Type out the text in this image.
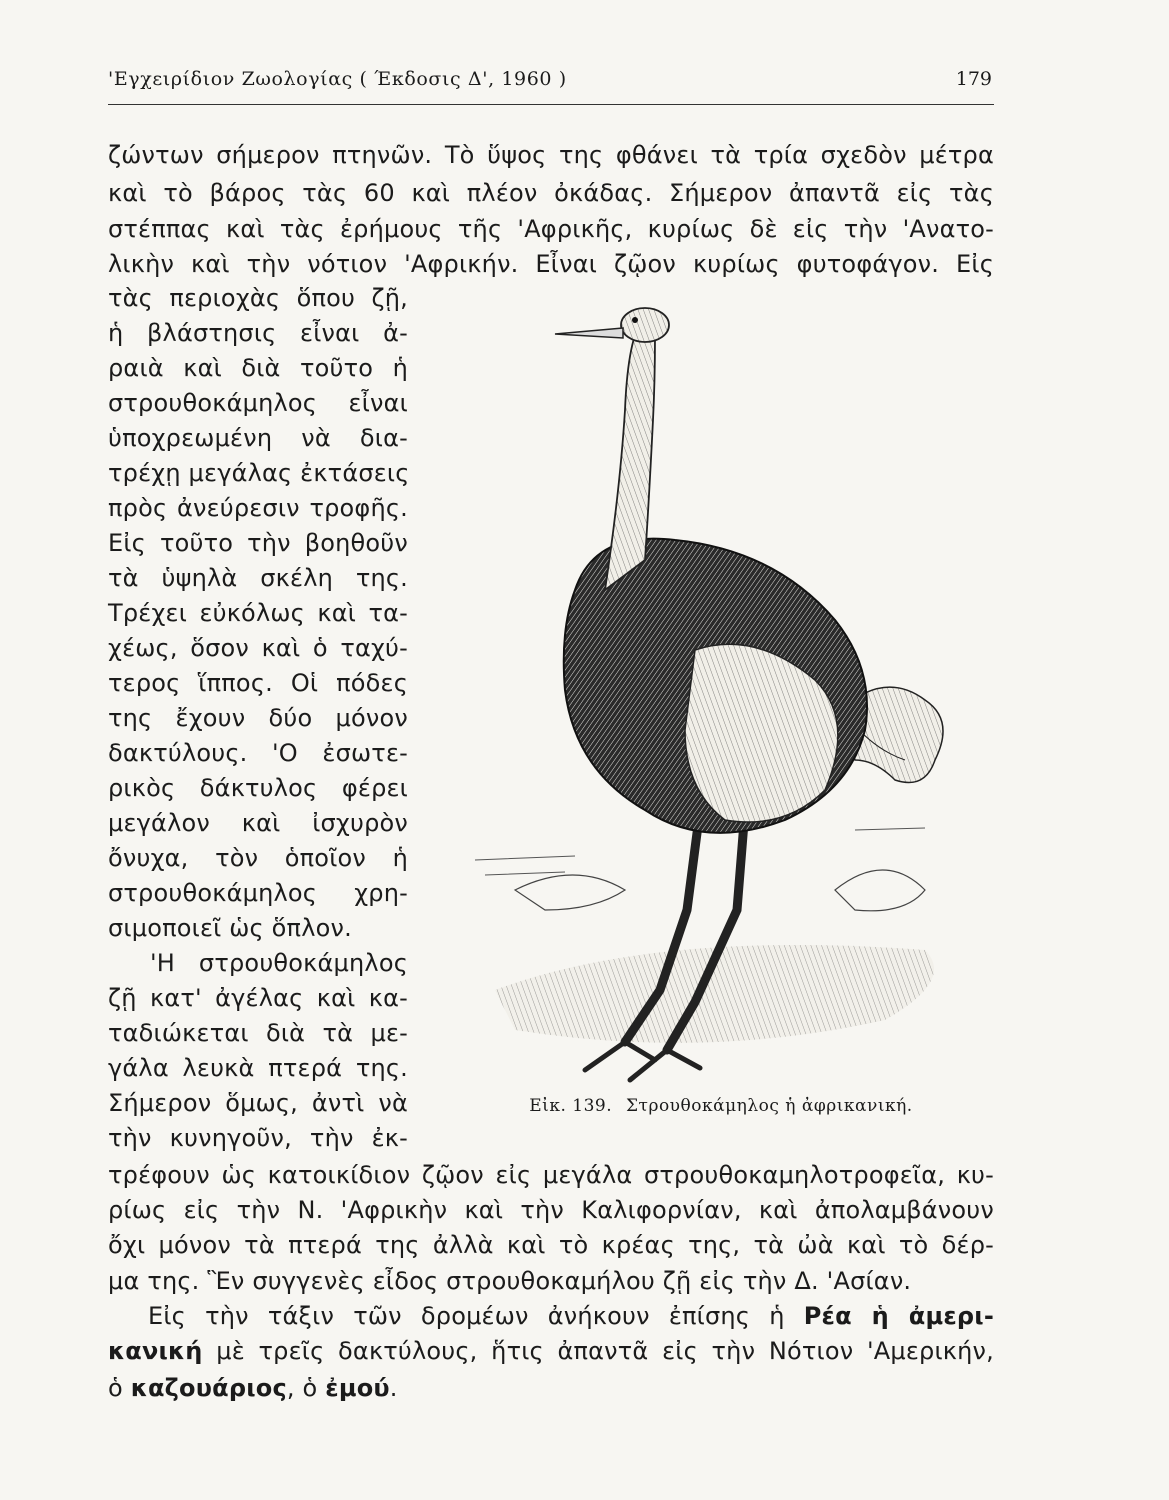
'Εγχειρίδιον Ζωολογίας ( Έκδοσις Δ', 1960 )	179
ζώντων σήμερον πτηνῶν. Τὸ ὕψος της φθάνει τὰ τρία σχεδὸν μέτρα
καὶ τὸ βάρος τὰς 60 καὶ πλέον ὀκάδας. Σήμερον ἀπαντᾶ εἰς τὰς
στέππας καὶ τὰς ἐρήμους τῆς 'Αφρικῆς, κυρίως δὲ εἰς τὴν 'Ανατο-
λικὴν καὶ τὴν νότιον 'Αφρικήν. Εἶναι ζῷον κυρίως φυτοφάγον. Εἰς
τὰς περιοχὰς ὅπου ζῇ,
ἡ βλάστησις εἶναι ἀ-
ραιὰ καὶ διὰ τοῦτο ἡ
στρουθοκάμηλος εἶναι
ὑποχρεωμένη νὰ δια-
τρέχῃ μεγάλας ἐκτάσεις
πρὸς ἀνεύρεσιν τροφῆς.
Εἰς τοῦτο τὴν βοηθοῦν
τὰ ὑψηλὰ σκέλη της.
Τρέχει εὐκόλως καὶ τα-
χέως, ὅσον καὶ ὁ ταχύ-
τερος ἵππος. Οἱ πόδες
της ἔχουν δύο μόνον
δακτύλους. 'Ο ἐσωτε-
ρικὸς δάκτυλος φέρει
μεγάλον καὶ ἰσχυρὸν
ὄνυχα, τὸν ὁποῖον ἡ
στρουθοκάμηλος χρη-
σιμοποιεῖ ὡς ὅπλον.
'Η στρουθοκάμηλος
ζῇ κατ' ἀγέλας καὶ κα-
ταδιώκεται διὰ τὰ με-
γάλα λευκὰ πτερά της.
Σήμερον ὅμως, ἀντὶ νὰ
τὴν κυνηγοῦν, τὴν ἐκ-
Εἰκ. 139. Στρουθοκάμηλος ἡ ἀφρικανική.
τρέφουν ὡς κατοικίδιον ζῷον εἰς μεγάλα στρουθοκαμηλοτροφεῖα, κυ-
ρίως εἰς τὴν Ν. 'Αφρικὴν καὶ τὴν Καλιφορνίαν, καὶ ἀπολαμβάνουν
ὄχι μόνον τὰ πτερά της ἀλλὰ καὶ τὸ κρέας της, τὰ ὠὰ καὶ τὸ δέρ-
μα της. Ἓν συγγενὲς εἶδος στρουθοκαμήλου ζῇ εἰς τὴν Δ. 'Ασίαν.
Εἰς τὴν τάξιν τῶν δρομέων ἀνήκουν ἐπίσης ἡ Ρέα ἡ ἀμερι-
κανική μὲ τρεῖς δακτύλους, ἥτις ἀπαντᾶ εἰς τὴν Νότιον 'Αμερικήν,
ὁ καζουάριος, ὁ ἐμού.
